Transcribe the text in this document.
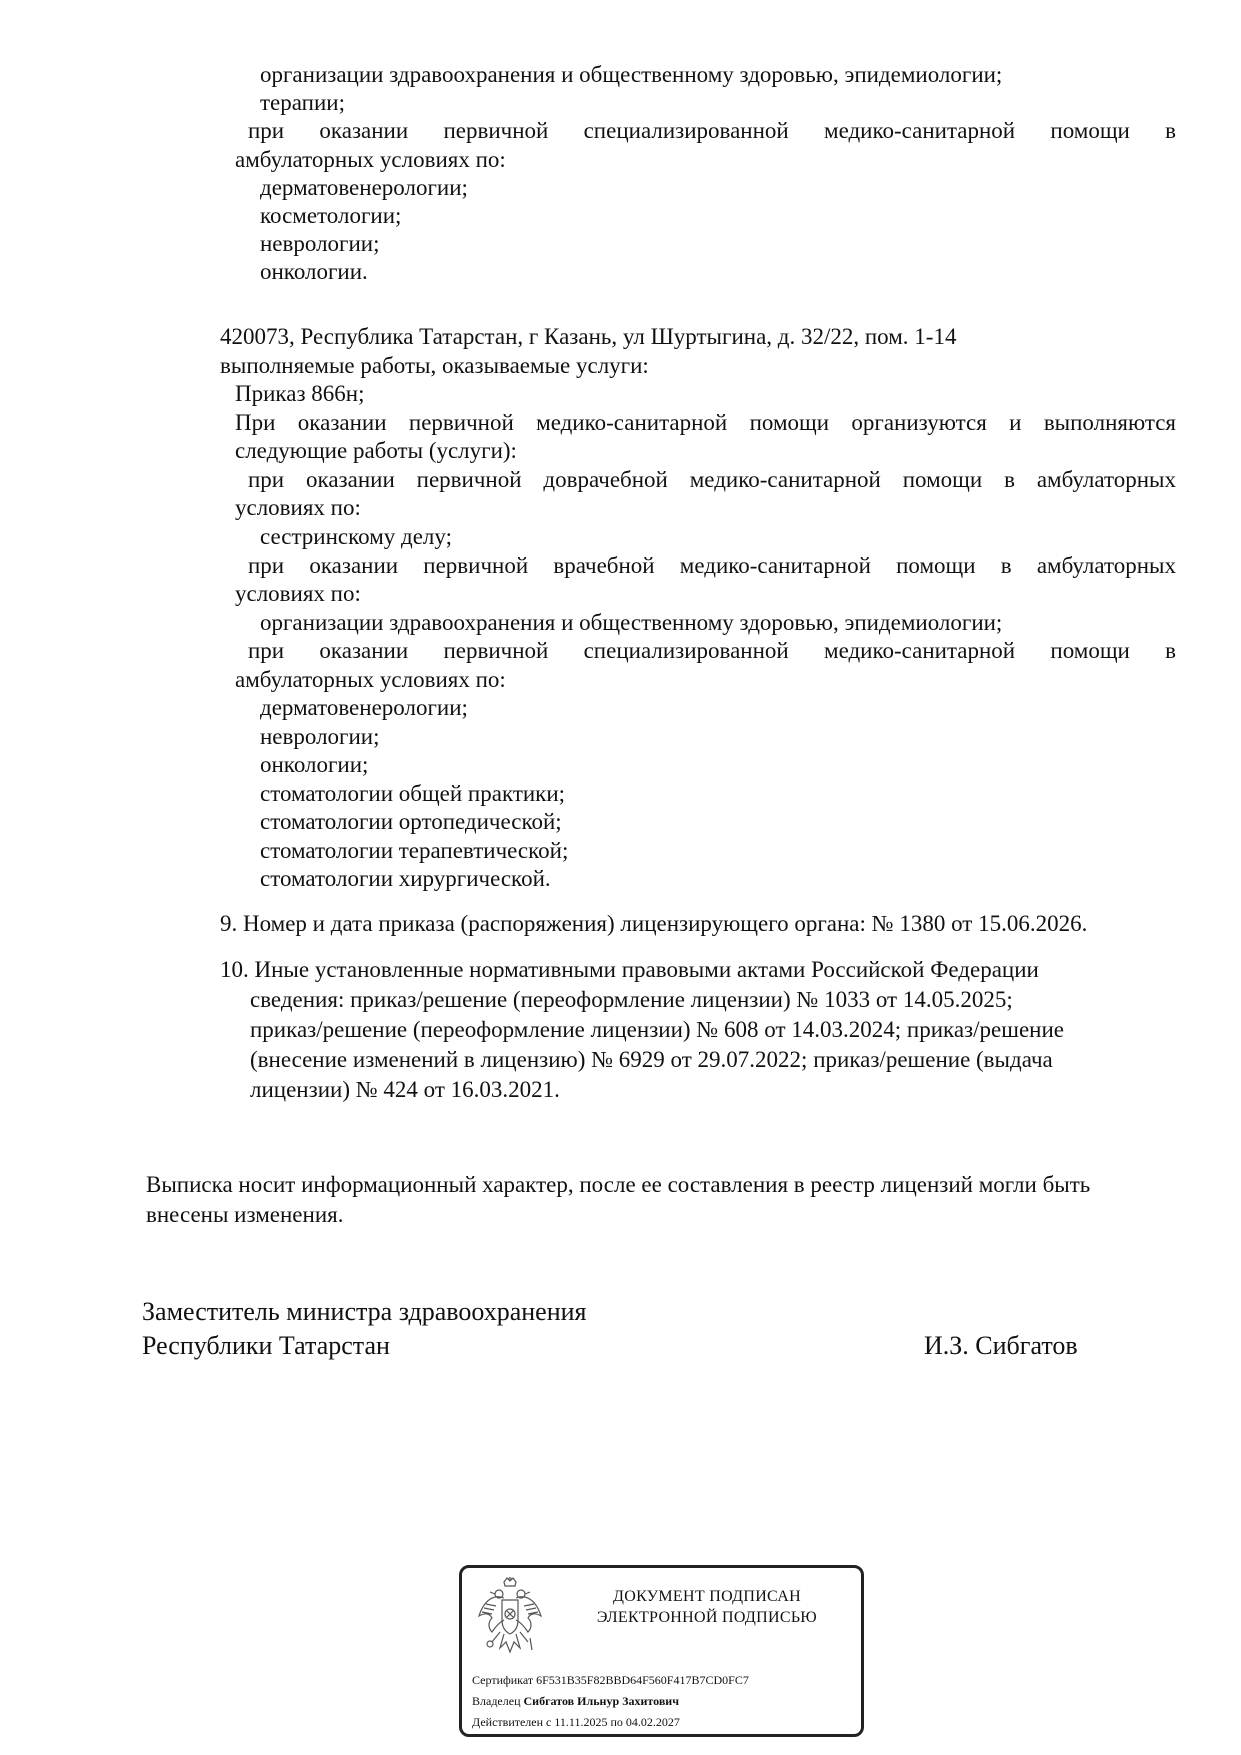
организации здравоохранения и общественному здоровью, эпидемиологии;
терапии;
при оказании первичной специализированной медико-санитарной помощи в
амбулаторных условиях по:
дерматовенерологии;
косметологии;
неврологии;
онкологии.
420073, Республика Татарстан, г Казань, ул Шуртыгина, д. 32/22, пом. 1-14
выполняемые работы, оказываемые услуги:
Приказ 866н;
При оказании первичной медико-санитарной помощи организуются и выполняются
следующие работы (услуги):
при оказании первичной доврачебной медико-санитарной помощи в амбулаторных
условиях по:
сестринскому делу;
при оказании первичной врачебной медико-санитарной помощи в амбулаторных
условиях по:
организации здравоохранения и общественному здоровью, эпидемиологии;
при оказании первичной специализированной медико-санитарной помощи в
амбулаторных условиях по:
дерматовенерологии;
неврологии;
онкологии;
стоматологии общей практики;
стоматологии ортопедической;
стоматологии терапевтической;
стоматологии хирургической.
9. Номер и дата приказа (распоряжения) лицензирующего органа: № 1380 от 15.06.2026.
10. Иные установленные нормативными правовыми актами Российской Федерации
сведения: приказ/решение (переоформление лицензии) № 1033 от 14.05.2025;
приказ/решение (переоформление лицензии) № 608 от 14.03.2024; приказ/решение
(внесение изменений в лицензию) № 6929 от 29.07.2022; приказ/решение (выдача
лицензии) № 424 от 16.03.2021.
Выписка носит информационный характер, после ее составления в реестр лицензий могли быть
внесены изменения.
Заместитель министра здравоохранения
Республики Татарстан	И.З. Сибгатов
ДОКУМЕНТ ПОДПИСАН
ЭЛЕКТРОННОЙ ПОДПИСЬЮ
Сертификат 6F531B35F82BBD64F560F417B7CD0FC7
Владелец Сибгатов Ильнур Захитович
Действителен с 11.11.2025 по 04.02.2027
